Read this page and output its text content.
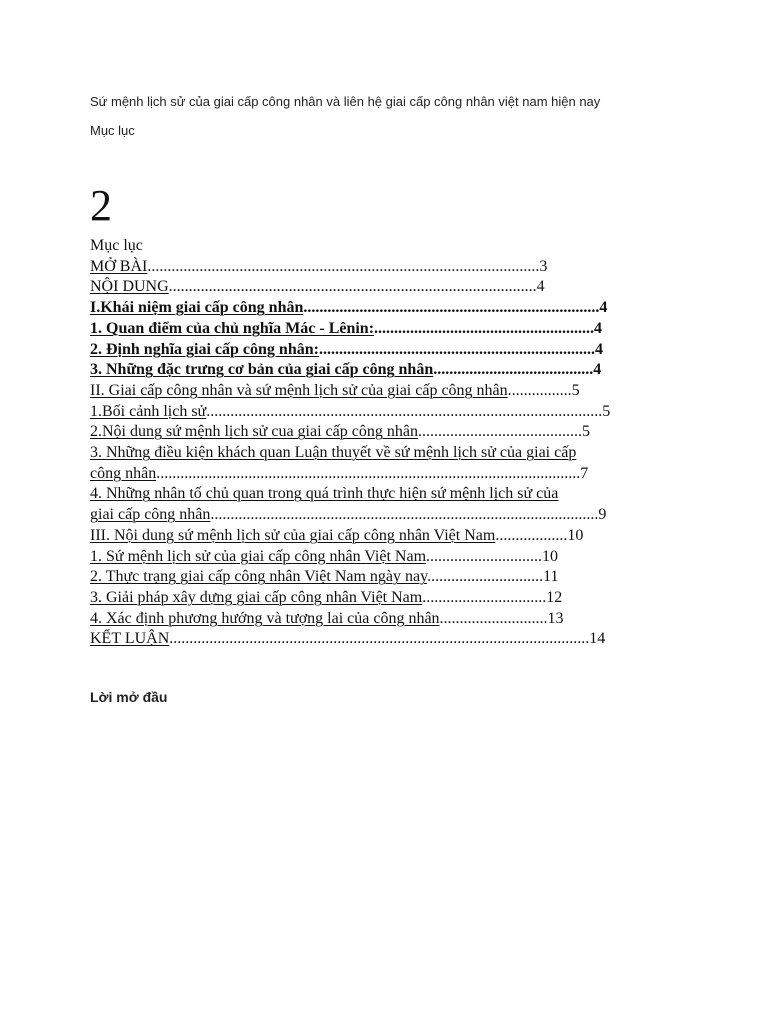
Sứ mệnh lịch sử của giai cấp công nhân và liên hệ giai cấp công nhân việt nam hiện nay
Mục lục
2

Mục lục

MỞ BÀI..................................................................................................3

NỘI DUNG............................................................................................4

I.Khái niệm giai cấp công nhân..........................................................................4

1. Quan điểm của chủ nghĩa Mác - Lênin:.......................................................4

2. Định nghĩa giai cấp công nhân:.....................................................................4

3. Những đặc trưng cơ bản của giai cấp công nhân........................................4

II. Giai cấp công nhân và sứ mệnh lịch sử của giai cấp công nhân................5

1.Bối cảnh lịch sử...................................................................................................5

2.Nội dung sứ mệnh lịch sử cua giai cấp công nhân.........................................5

3. Những điều kiện khách quan Luận thuyết về sứ mệnh lịch sử của giai cấp

công nhân..........................................................................................................7

4. Những nhân tố chủ quan trong quá trình thực hiện sứ mệnh lịch sử của

giai cấp công nhân.................................................................................................9

III. Nội dung sứ mệnh lịch sử của giai cấp công nhân Việt Nam..................10

1. Sứ mệnh lịch sử của giai cấp công nhân Việt Nam.............................10

2. Thực trạng giai cấp công nhân Việt Nam ngày nay.............................11

3. Giải pháp xây dựng giai cấp công nhân Việt Nam...............................12

4. Xác định phương hướng và tượng lai của công nhân...........................13

KẾT LUẬN.........................................................................................................14

Lời mở đầu
